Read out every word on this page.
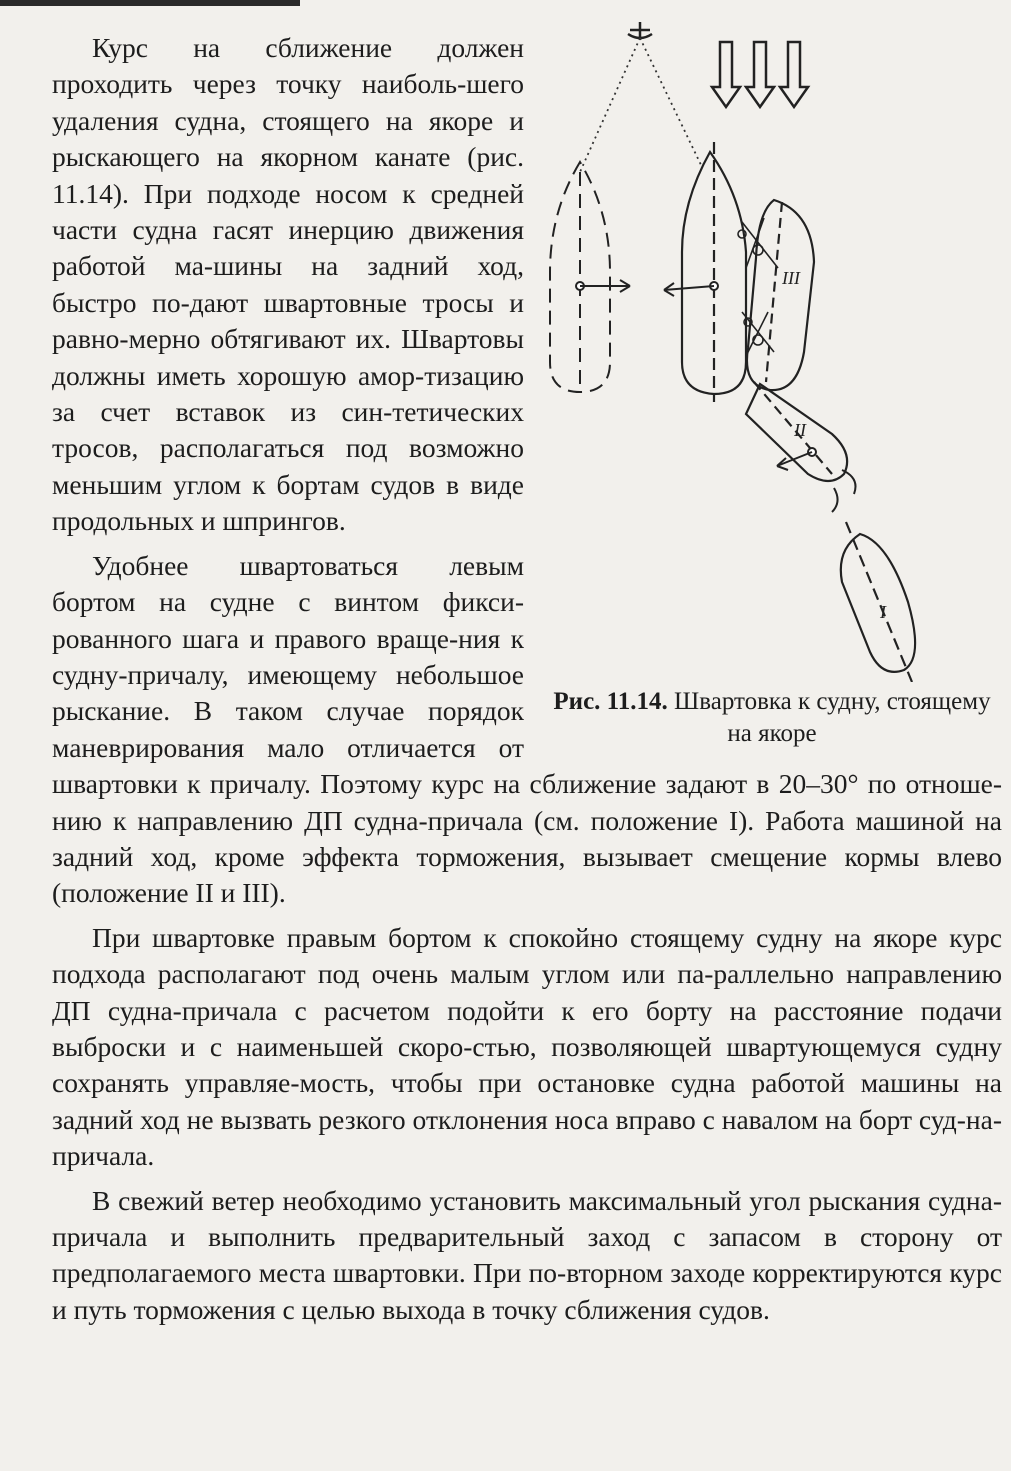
III
II
I
Рис. 11.14. Швартовка к судну, стоящему на якоре

Курс на сближение должен проходить через точку наиболь-шего удаления судна, стоящего на якоре и рыскающего на якорном канате (рис. 11.14). При подходе носом к средней части судна гасят инерцию движения работой ма-шины на задний ход, быстро по-дают швартовные тросы и равно-мерно обтягивают их. Швартовы должны иметь хорошую амор-тизацию за счет вставок из син-тетических тросов, располагаться под возможно меньшим углом к бортам судов в виде продольных и шпрингов.

Удобнее швартоваться левым бортом на судне с винтом фикси-рованного шага и правого враще-ния к судну-причалу, имеющему небольшое рыскание. В таком случае порядок маневрирования мало отличается от швартовки к причалу. Поэтому курс на сближение задают в 20–30° по отноше-нию к направлению ДП судна-причала (см. положение I). Работа машиной на задний ход, кроме эффекта торможения, вызывает смещение кормы влево (положение II и III).

При швартовке правым бортом к спокойно стоящему судну на якоре курс подхода располагают под очень малым углом или па-раллельно направлению ДП судна-причала с расчетом подойти к его борту на расстояние подачи выброски и с наименьшей скоро-стью, позволяющей швартующемуся судну сохранять управляе-мость, чтобы при остановке судна работой машины на задний ход не вызвать резкого отклонения носа вправо с навалом на борт суд-на-причала.

В свежий ветер необходимо установить максимальный угол рыскания судна-причала и выполнить предварительный заход с запасом в сторону от предполагаемого места швартовки. При по-вторном заходе корректируются курс и путь торможения с целью выхода в точку сближения судов.
